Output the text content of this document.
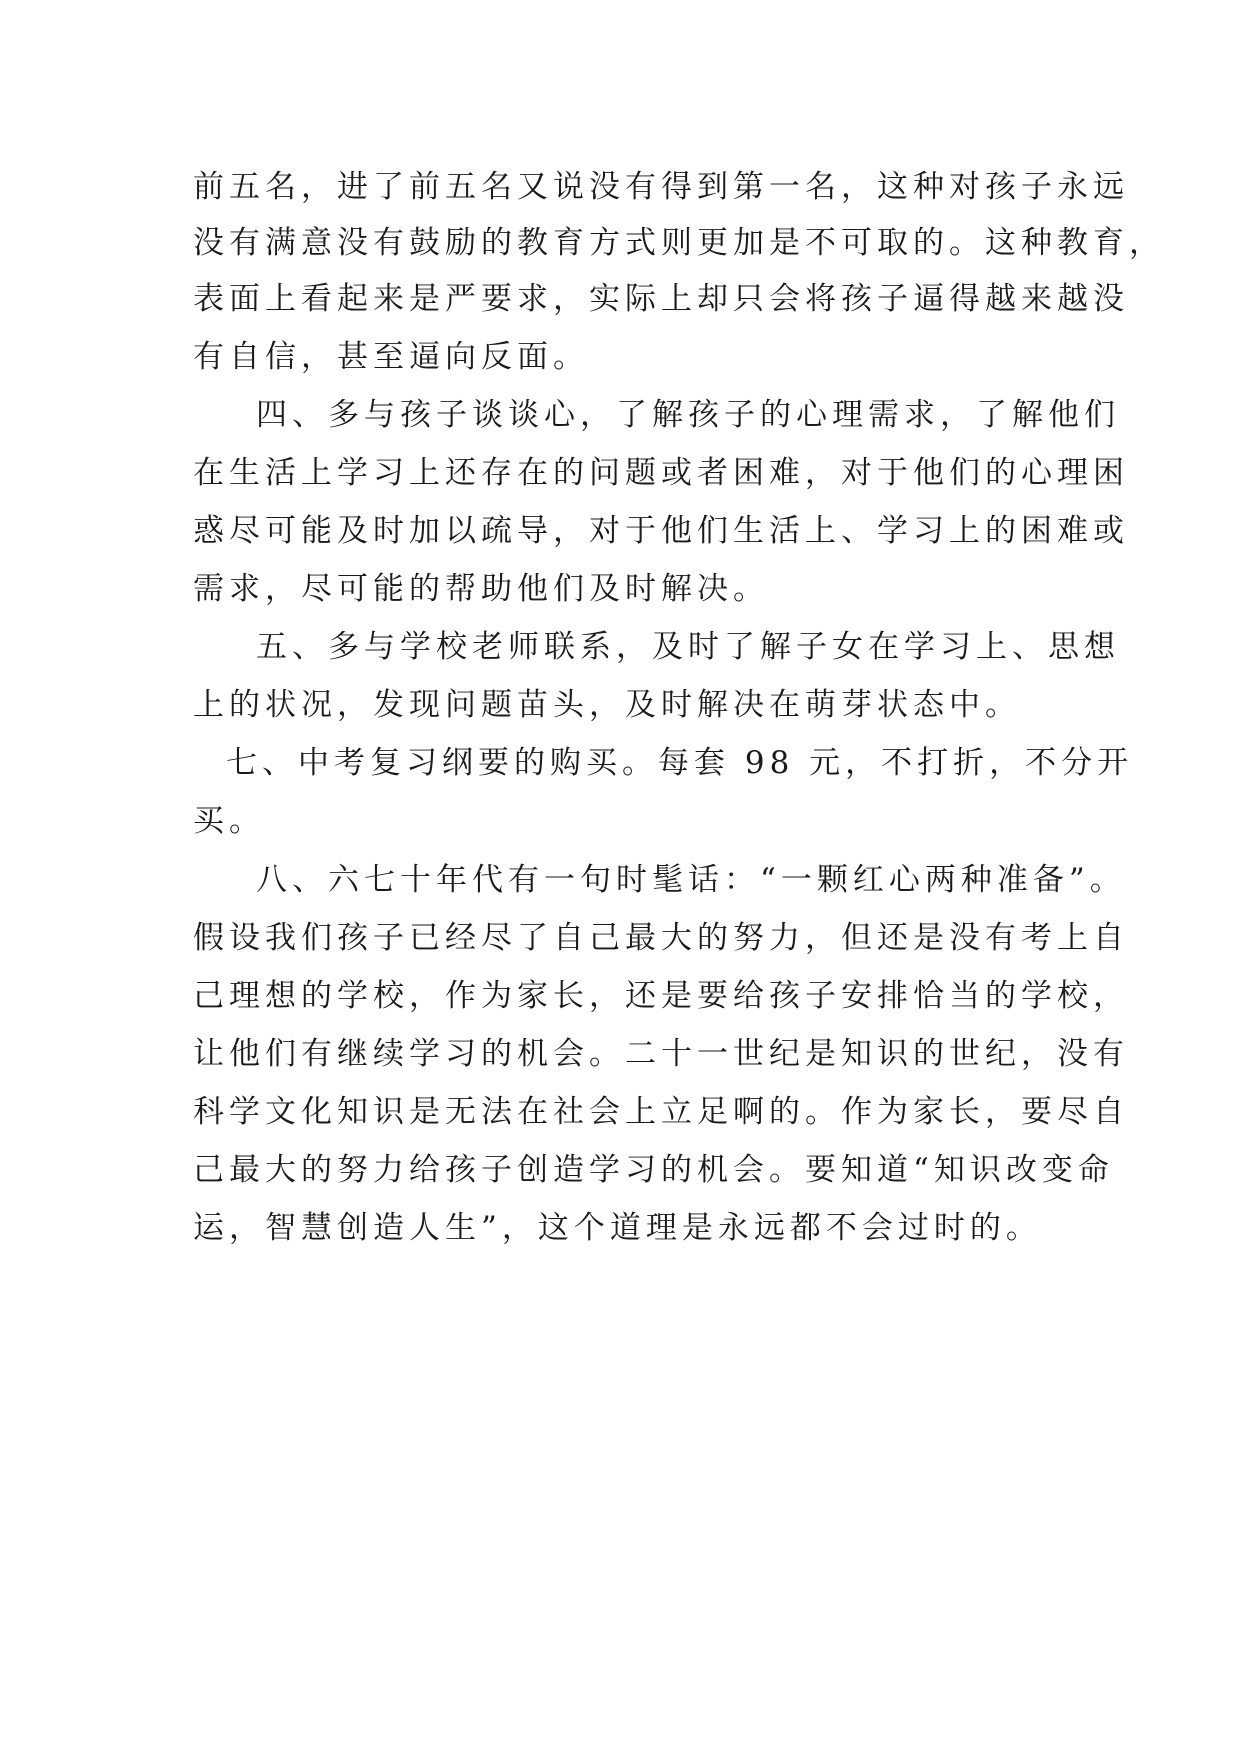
前五名，进了前五名又说没有得到第一名，这种对孩子永远
没有满意没有鼓励的教育方式则更加是不可取的。这种教育，
表面上看起来是严要求，实际上却只会将孩子逼得越来越没
有自信，甚至逼向反面。
四、多与孩子谈谈心，了解孩子的心理需求，了解他们
在生活上学习上还存在的问题或者困难，对于他们的心理困
惑尽可能及时加以疏导，对于他们生活上、学习上的困难或
需求，尽可能的帮助他们及时解决。
五、多与学校老师联系，及时了解子女在学习上、思想
上的状况，发现问题苗头，及时解决在萌芽状态中。
七、中考复习纲要的购买。每套 98 元，不打折，不分开
买。
八、六七十年代有一句时髦话：“一颗红心两种准备”。
假设我们孩子已经尽了自己最大的努力，但还是没有考上自
己理想的学校，作为家长，还是要给孩子安排恰当的学校，
让他们有继续学习的机会。二十一世纪是知识的世纪，没有
科学文化知识是无法在社会上立足啊的。作为家长，要尽自
己最大的努力给孩子创造学习的机会。要知道“知识改变命
运，智慧创造人生”，这个道理是永远都不会过时的。
